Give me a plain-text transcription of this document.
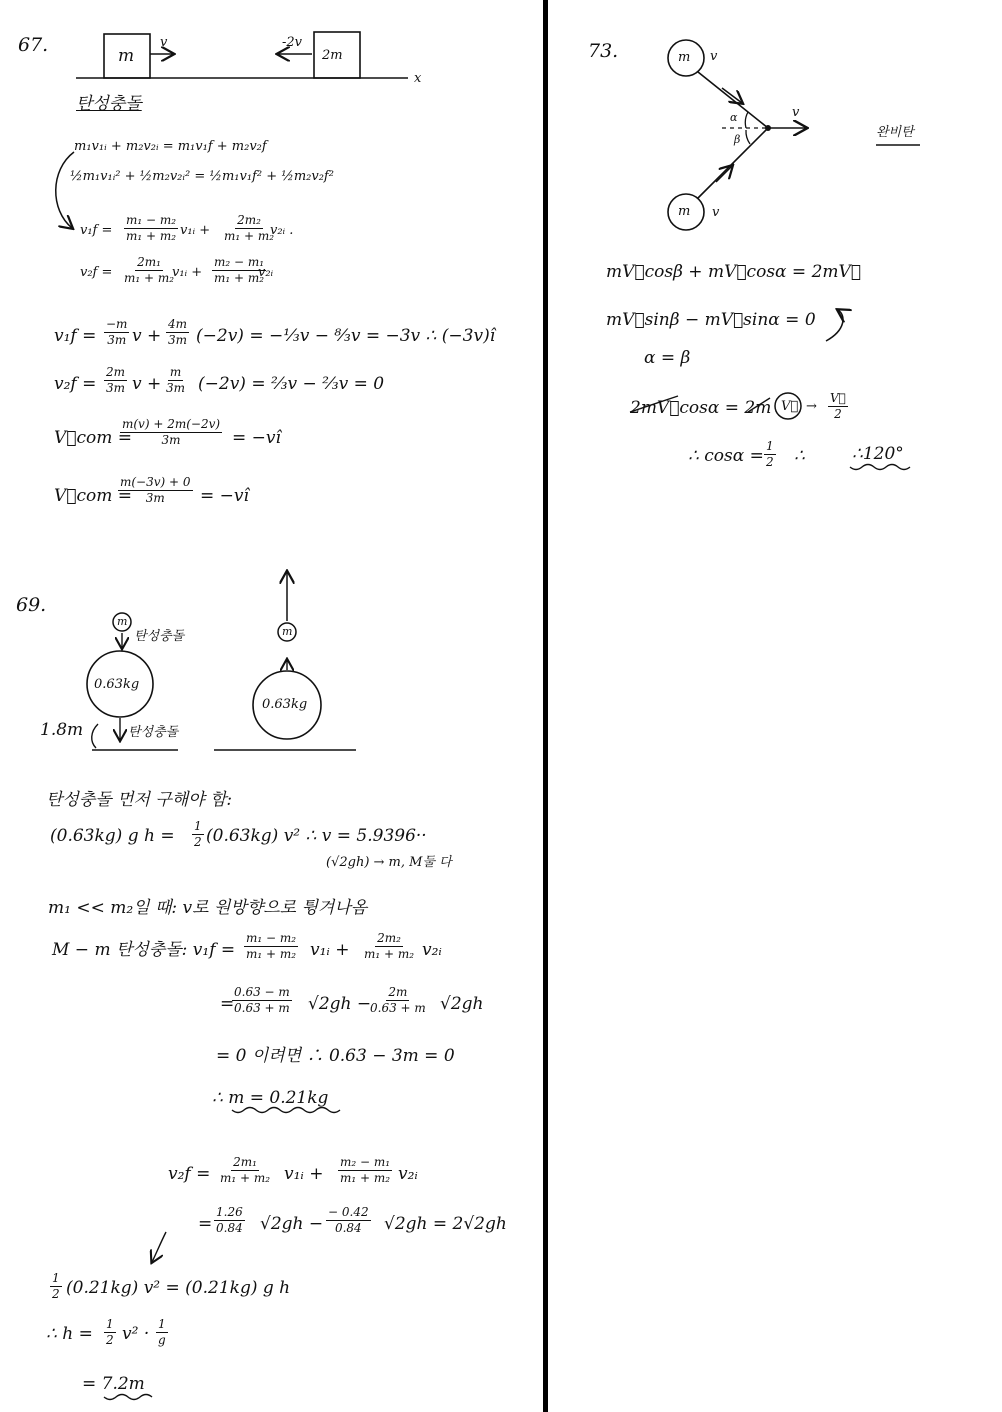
67.	m
v	-2v
2m
x
탄성충돌
m₁v₁ᵢ + m₂v₂ᵢ = m₁v₁f + m₂v₂f
½m₁v₁ᵢ² + ½m₂v₂ᵢ² = ½m₁v₁f² + ½m₂v₂f²
$v_1f = \frac{\text{m₁ − m₂}}{\text{m₁ + m₂}}$ v₁ᵢ + $\frac{\text{2m₂}}{\text{m₁ + m₂}}$
v₂ᵢ .
$v_2f = \frac{\text{2m₁}}{\text{m₁ + m₂}}$
v₁ᵢ + $\frac{\text{m₂ − m₁}}{\text{m₁ + m₂}}$
v₂ᵢ
$v_1f = \frac{-m}{3m}$ $v + \frac{4m}{3m} (-2v)$ = −⅓v − ⁸⁄₃v = −3v ∴ (−3v)î
$v_2f = \frac{2m}{3m}$ $v + \frac{m}{3m} (-2v)$ = ⅔v − ⅔v = 0
V⃗com =
$\frac{m(v) + 2m(-2v)}{3m}$ = −vî
V⃗com =
$\frac{m(-3v) + 0}{3m}$ = −vî
69.
m
탄성충돌
0.63kg
1.8m	탄성충돌
0.63kg
m
탄성충돌 먼저 구해야 함:
(0.63kg) g $h = \frac{1}{2} (0.63kg)$ v² ∴ v = 5.9396··
(√2gh) → m, M둘 다
m₁ << m₂일 때: v로 원방향으로 튕겨나옴
M − m 탄성충돌: $v_1f = \frac{\text{m₁ − m₂}}{\text{m₁ + m₂}}$ v₁ᵢ + $\frac{\text{2m₂}}{\text{m₁ + m₂}}$ v₂ᵢ
=
$\frac{0.63 - m}{0.63 + m} √2gh$ −
$\frac{2m}{0.63 + m} √2gh$
= 0 이려면 ∴ 0.63 − 3m = 0
∴ m = 0.21kg
$v_2f = \frac{\text{2m₁}}{\text{m₁ + m₂}}$ v₁ᵢ + $\frac{\text{m₂ − m₁}}{\text{m₁ + m₂}}$ v₂ᵢ
= $\frac{1.26}{0.84} √2gh - \frac{- 0.42}{0.84} √2gh = 2√2gh$
$\frac{1}{2} (0.21kg) v^2 = (0.21kg)$ g h
∴ $h = \frac{1}{2} v^2 \cdot \frac{1}{g}$
= 7.2m
73.	m v
m v
v
α
β	완비탄
mV⃗cosβ + mV⃗cosα = 2mV⃗
mV⃗sinβ − mV⃗sinα = 0
α = β
2mV⃗cosα = 2m V⃗ → $\frac{V⃗}{2}$
∴ $\cos\alpha = \frac{1}{2}$ ∴	∴120°
